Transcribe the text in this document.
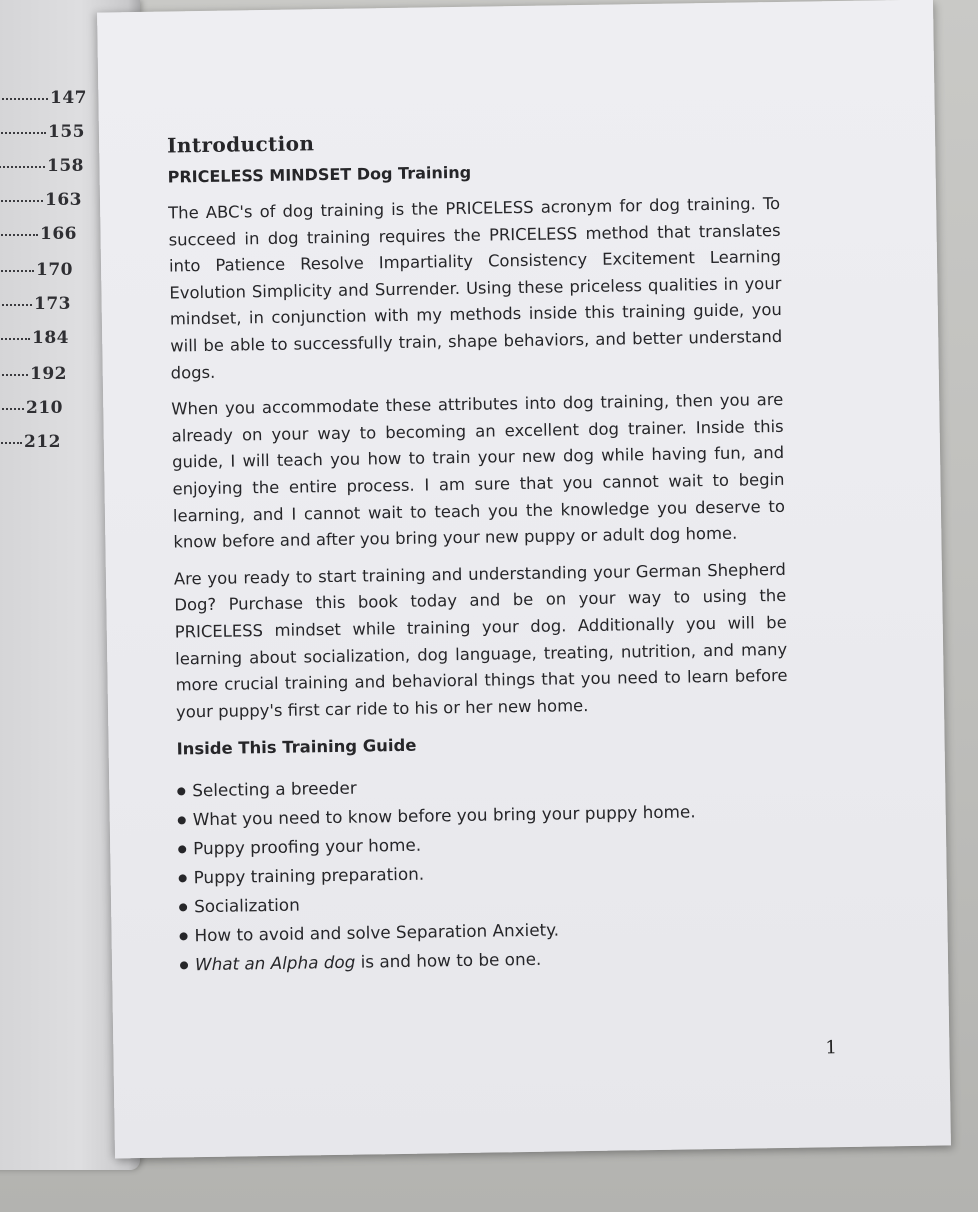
147
155
158
163
166
170
173
184
192
210
212
Introduction
PRICELESS MINDSET Dog Training

The ABC's of dog training is the PRICELESS acronym for dog training. To succeed in dog training requires the PRICELESS method that translates into Patience Resolve Impartiality Consistency Excitement Learning Evolution Simplicity and Surrender. Using these priceless qualities in your mindset, in conjunction with my methods inside this training guide, you will be able to successfully train, shape behaviors, and better understand dogs.

When you accommodate these attributes into dog training, then you are already on your way to becoming an excellent dog trainer. Inside this guide, I will teach you how to train your new dog while having fun, and enjoying the entire process. I am sure that you cannot wait to begin learning, and I cannot wait to teach you the knowledge you deserve to know before and after you bring your new puppy or adult dog home.

Are you ready to start training and understanding your German Shepherd Dog? Purchase this book today and be on your way to using the PRICELESS mindset while training your dog. Additionally you will be learning about socialization, dog language, treating, nutrition, and many more crucial training and behavioral things that you need to learn before your puppy's first car ride to his or her new home.

Inside This Training Guide
Selecting a breeder
What you need to know before you bring your puppy home.
Puppy proofing your home.
Puppy training preparation.
Socialization
How to avoid and solve Separation Anxiety.
What an Alpha dog is and how to be one.
1
